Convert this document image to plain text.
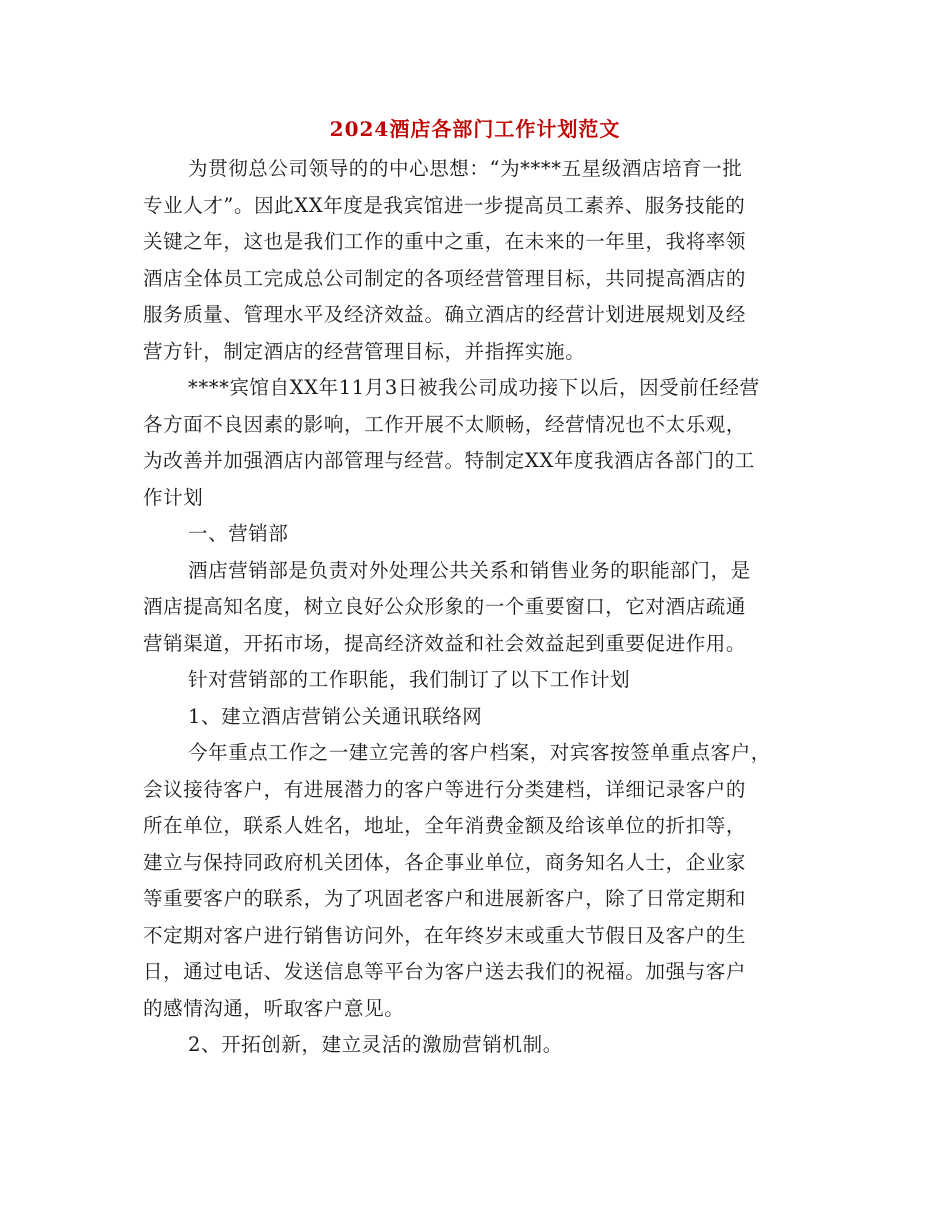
2024酒店各部门工作计划范文
为贯彻总公司领导的的中心思想：“为****五星级酒店培育一批
专业人才”。因此XX年度是我宾馆进一步提高员工素养、服务技能的
关键之年，这也是我们工作的重中之重，在未来的一年里，我将率领
酒店全体员工完成总公司制定的各项经营管理目标，共同提高酒店的
服务质量、管理水平及经济效益。确立酒店的经营计划进展规划及经
营方针，制定酒店的经营管理目标，并指挥实施。
****宾馆自XX年11月3日被我公司成功接下以后，因受前任经营
各方面不良因素的影响，工作开展不太顺畅，经营情况也不太乐观，
为改善并加强酒店内部管理与经营。特制定XX年度我酒店各部门的工
作计划
一、营销部
酒店营销部是负责对外处理公共关系和销售业务的职能部门，是
酒店提高知名度，树立良好公众形象的一个重要窗口，它对酒店疏通
营销渠道，开拓市场，提高经济效益和社会效益起到重要促进作用。
针对营销部的工作职能，我们制订了以下工作计划
1、建立酒店营销公关通讯联络网
今年重点工作之一建立完善的客户档案，对宾客按签单重点客户，
会议接待客户，有进展潜力的客户等进行分类建档，详细记录客户的
所在单位，联系人姓名，地址，全年消费金额及给该单位的折扣等，
建立与保持同政府机关团体，各企事业单位，商务知名人士，企业家
等重要客户的联系，为了巩固老客户和进展新客户，除了日常定期和
不定期对客户进行销售访问外，在年终岁末或重大节假日及客户的生
日，通过电话、发送信息等平台为客户送去我们的祝福。加强与客户
的感情沟通，听取客户意见。
2、开拓创新，建立灵活的激励营销机制。
